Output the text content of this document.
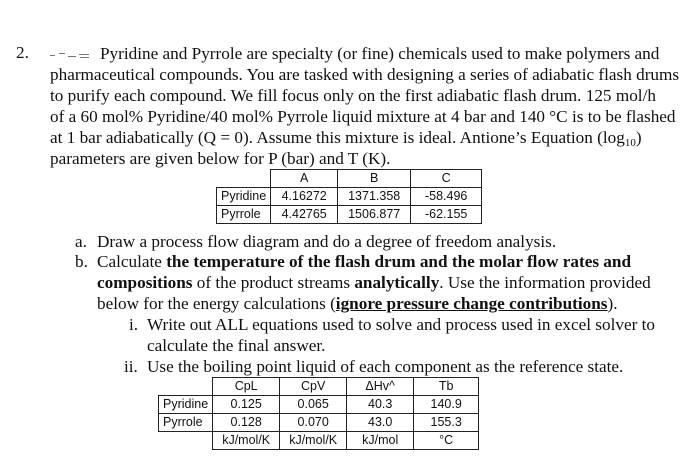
2.	Pyridine and Pyrrole are specialty (or fine) chemicals used to make polymers and
pharmaceutical compounds. You are tasked with designing a series of adiabatic flash drums
to purify each compound. We fill focus only on the first adiabatic flash drum. 125 mol/h
of a 60 mol% Pyridine/40 mol% Pyrrole liquid mixture at 4 bar and 140 °C is to be flashed
at 1 bar adiabatically (Q = 0). Assume this mixture is ideal. Antione’s Equation $(\log_{10})$
parameters are given below for P (bar) and T (K).
	A	B	C
Pyridine	4.16272	1371.358	-58.496
Pyrrole	4.42765	1506.877	-62.155
a. Draw a process flow diagram and do a degree of freedom analysis.
b. Calculate the temperature of the flash drum and the molar flow rates and
compositions of the product streams analytically. Use the information provided
below for the energy calculations (ignore pressure change contributions).
i. Write out ALL equations used to solve and process used in excel solver to
calculate the final answer.
ii. Use the boiling point liquid of each component as the reference state.
	CpL	CpV	ΔHv^	Tb
Pyridine	0.125	0.065	40.3	140.9
Pyrrole	0.128	0.070	43.0	155.3
	kJ/mol/K	kJ/mol/K	kJ/mol	°C
